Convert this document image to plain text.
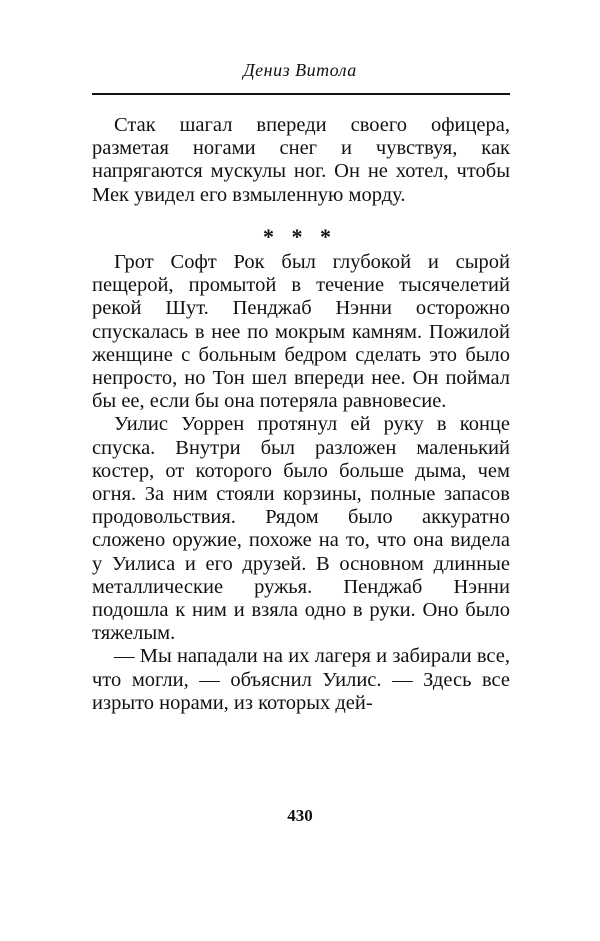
Дениз Витола

Стак шагал впереди своего офицера, разметая ногами снег и чувствуя, как напрягаются мускулы ног. Он не хотел, чтобы Мек увидел его взмыленную морду.

* * *

Грот Софт Рок был глубокой и сырой пещерой, промытой в течение тысячелетий рекой Шут. Пенджаб Нэнни осторожно спускалась в нее по мокрым камням. Пожилой женщине с больным бедром сделать это было непросто, но Тон шел впереди нее. Он поймал бы ее, если бы она потеряла равновесие.

Уилис Уоррен протянул ей руку в конце спуска. Внутри был разложен маленький костер, от которого было больше дыма, чем огня. За ним стояли корзины, полные запасов продовольствия. Рядом было аккуратно сложено оружие, похоже на то, что она видела у Уилиса и его друзей. В основном длинные металлические ружья. Пенджаб Нэнни подошла к ним и взяла одно в руки. Оно было тяжелым.

— Мы нападали на их лагеря и забирали все, что могли, — объяснил Уилис. — Здесь все изрыто норами, из которых дей-

430
